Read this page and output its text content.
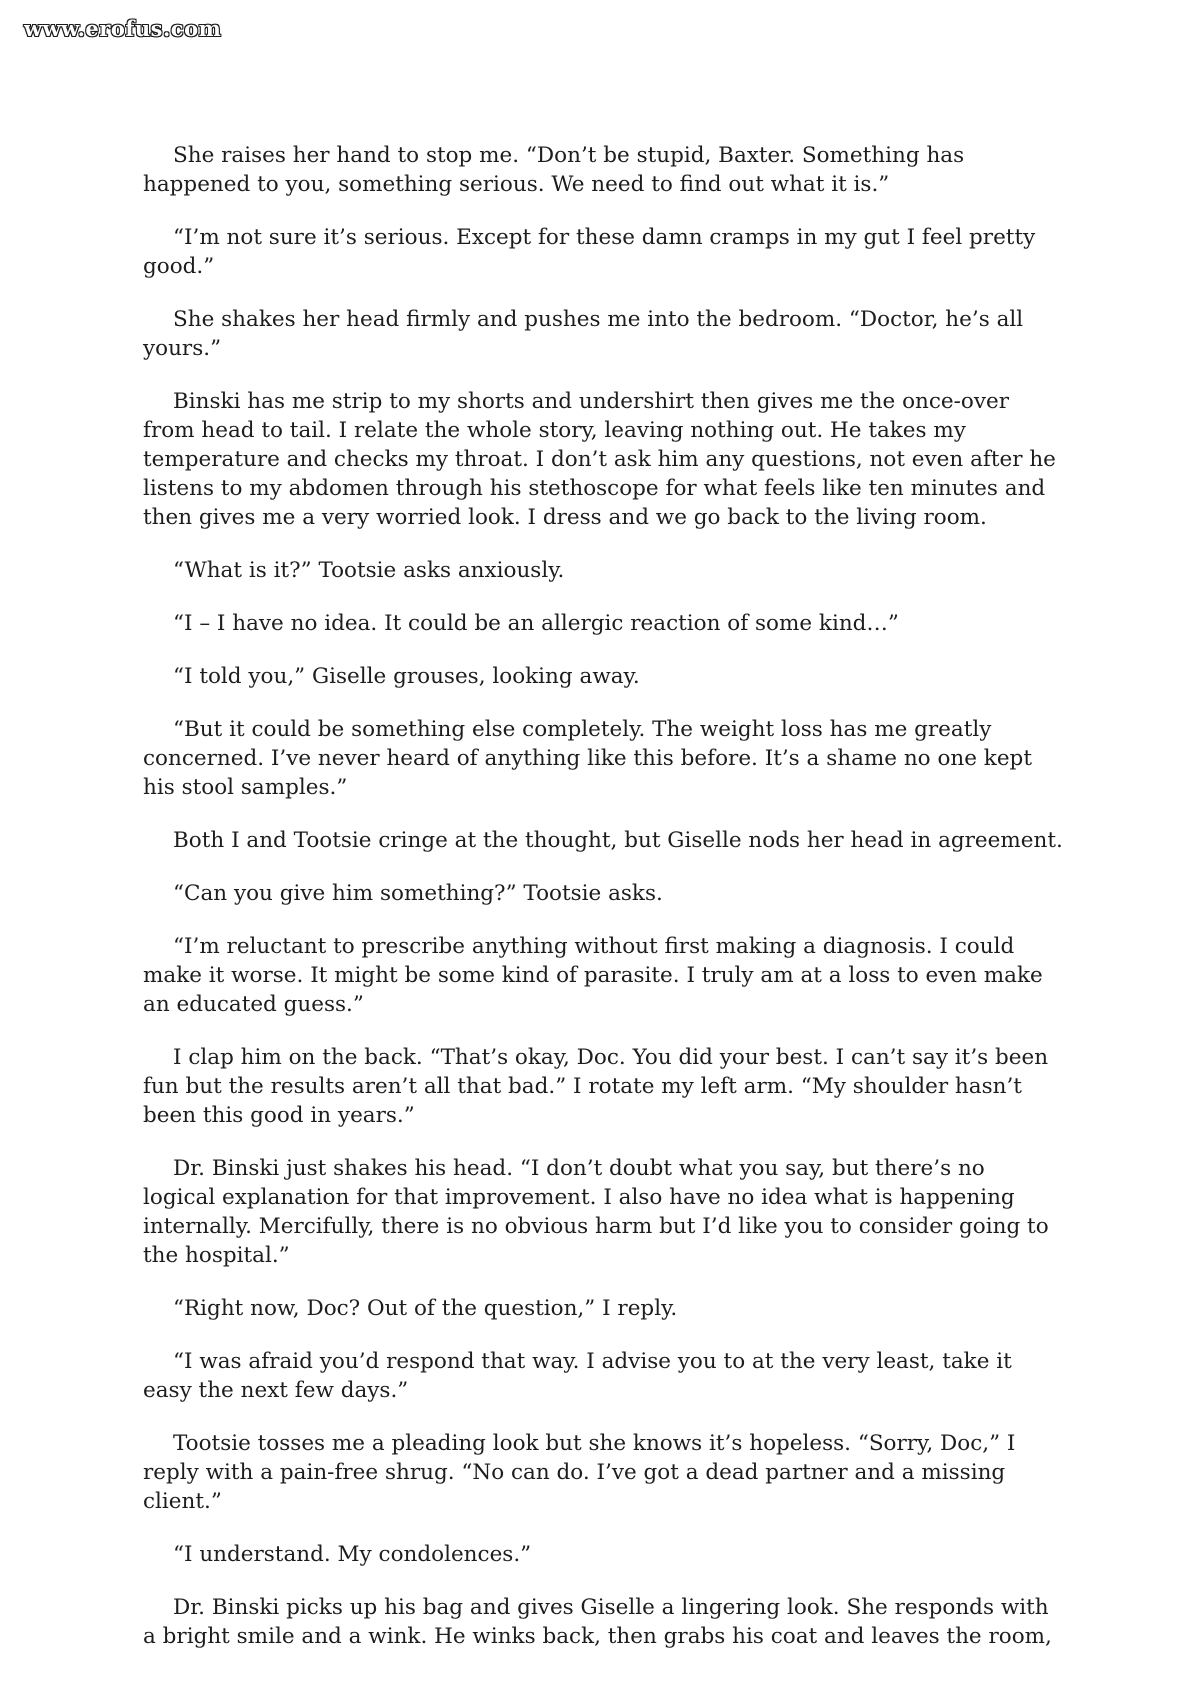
www.erofus.com

She raises her hand to stop me. “Don’t be stupid, Baxter. Something has happened to you, something serious. We need to find out what it is.”

“I’m not sure it’s serious. Except for these damn cramps in my gut I feel pretty good.”

She shakes her head firmly and pushes me into the bedroom. “Doctor, he’s all yours.”

Binski has me strip to my shorts and undershirt then gives me the once-over from head to tail. I relate the whole story, leaving nothing out. He takes my temperature and checks my throat. I don’t ask him any questions, not even after he listens to my abdomen through his stethoscope for what feels like ten minutes and then gives me a very worried look. I dress and we go back to the living room.

“What is it?” Tootsie asks anxiously.

“I – I have no idea. It could be an allergic reaction of some kind…”

“I told you,” Giselle grouses, looking away.

“But it could be something else completely. The weight loss has me greatly concerned. I’ve never heard of anything like this before. It’s a shame no one kept his stool samples.”

Both I and Tootsie cringe at the thought, but Giselle nods her head in agreement.

“Can you give him something?” Tootsie asks.

“I’m reluctant to prescribe anything without first making a diagnosis. I could make it worse. It might be some kind of parasite. I truly am at a loss to even make an educated guess.”

I clap him on the back. “That’s okay, Doc. You did your best. I can’t say it’s been fun but the results aren’t all that bad.” I rotate my left arm. “My shoulder hasn’t been this good in years.”

Dr. Binski just shakes his head. “I don’t doubt what you say, but there’s no logical explanation for that improvement. I also have no idea what is happening internally. Mercifully, there is no obvious harm but I’d like you to consider going to the hospital.”

“Right now, Doc? Out of the question,” I reply.

“I was afraid you’d respond that way. I advise you to at the very least, take it easy the next few days.”

Tootsie tosses me a pleading look but she knows it’s hopeless. “Sorry, Doc,” I reply with a pain-free shrug. “No can do. I’ve got a dead partner and a missing client.”

“I understand. My condolences.”

Dr. Binski picks up his bag and gives Giselle a lingering look. She responds with a bright smile and a wink. He winks back, then grabs his coat and leaves the room,
